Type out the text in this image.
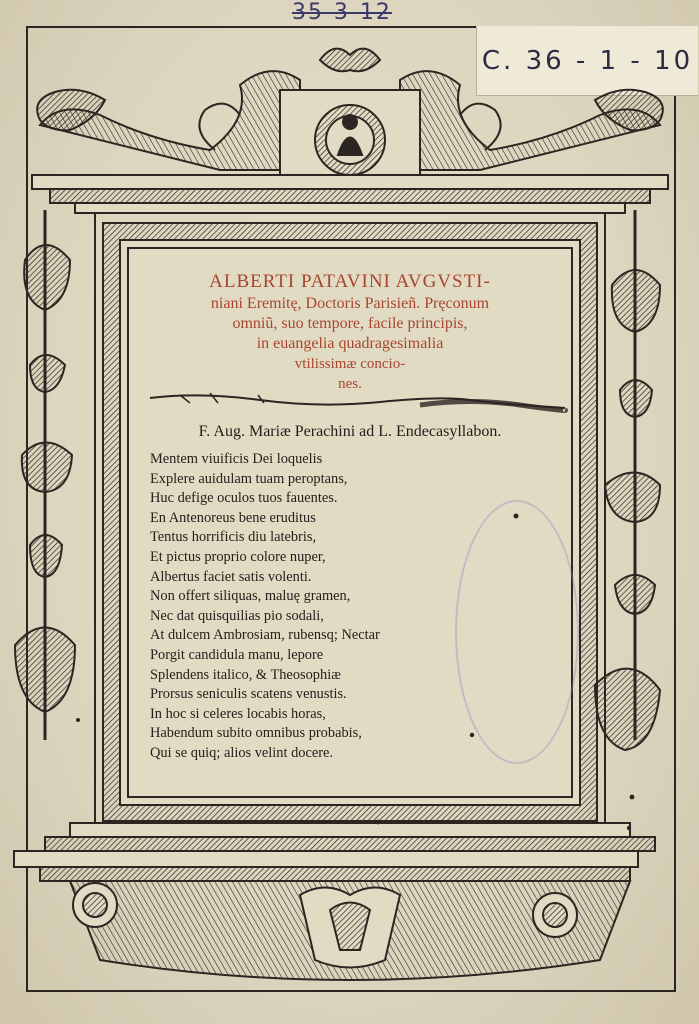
35-3-12
C. 36 - 1 - 10
ALBERTI PATAVINI AVGVSTI-
niani Eremitę, Doctoris Parisieñ. Pręconum
omniũ, suo tempore, facile principis,
in euangelia quadragesimalia
vtilissimæ concio-
nes.
F. Aug. Mariæ Perachini ad L. Endecasyllabon.
Mentem viuificis Dei loquelis
Explere auidulam tuam peroptans,
Huc defige oculos tuos fauentes.
En Antenoreus bene eruditus
Tentus horrificis diu latebris,
Et pictus proprio colore nuper,
Albertus faciet satis volenti.
Non offert siliquas, maluę gramen,
Nec dat quisquilias pio sodali,
At dulcem Ambrosiam, rubensq; Nectar
Porgit candidula manu, lepore
Splendens italico, & Theosophiæ
Prorsus seniculis scatens venustis.
In hoc si celeres locabis horas,
Habendum subito omnibus probabis,
Qui se quiq; alios velint docere.
